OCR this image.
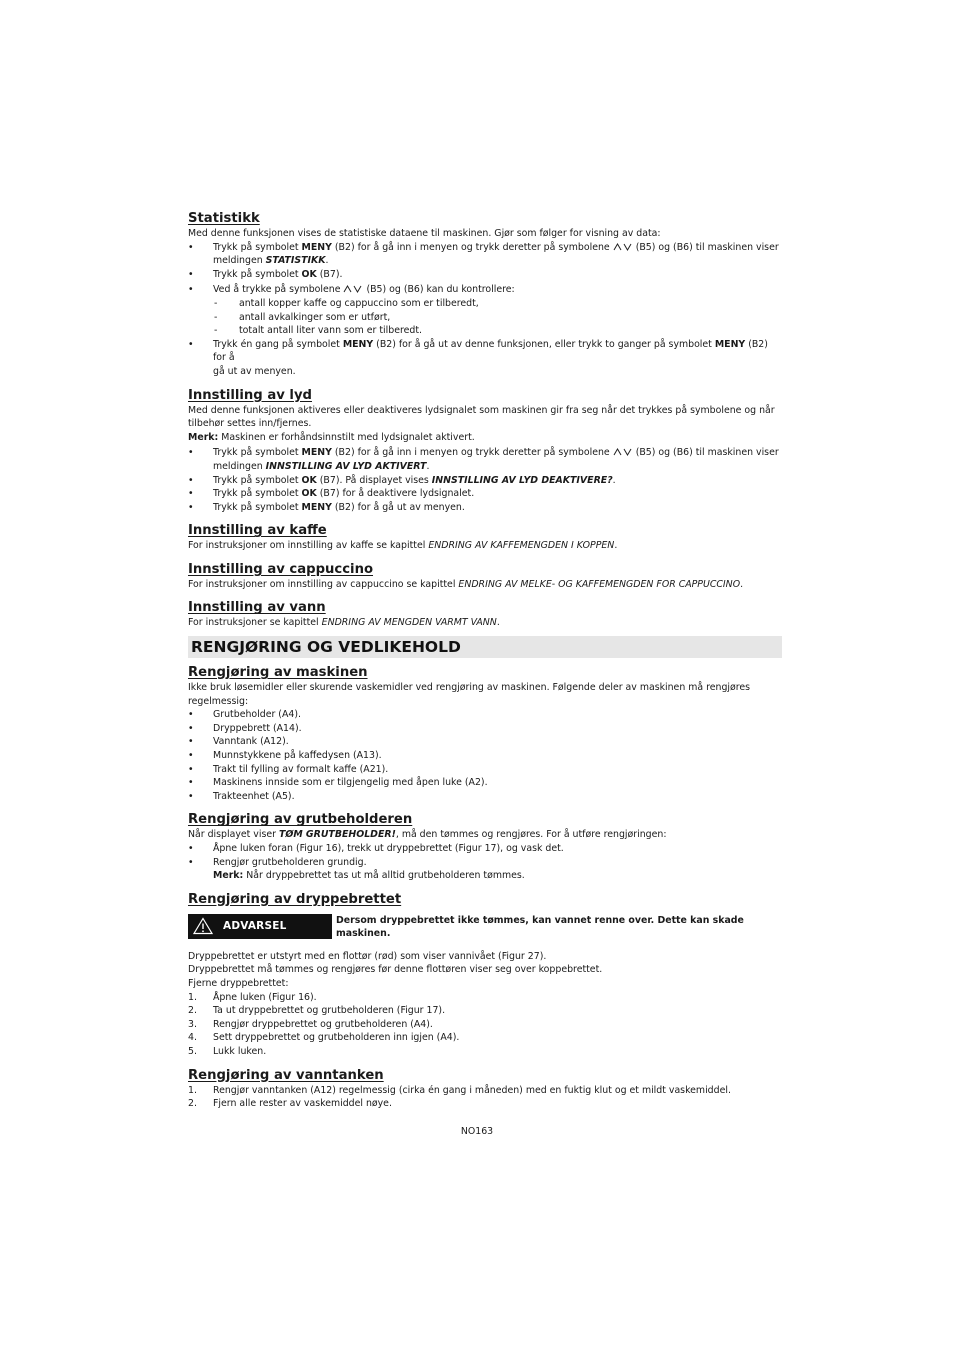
Statistikk

Med denne funksjonen vises de statistiske dataene til maskinen. Gjør som følger for visning av data:

•	Trykk på symbolet MENY (B2) for å gå inn i menyen og trykk deretter på symbolene	(B5) og (B6) til maskinen viser
meldingen STATISTIKK.
•	Trykk på symbolet OK (B7).
•	Ved å trykke på symbolene	(B5) og (B6) kan du kontrollere:
-	antall kopper kaffe og cappuccino som er tilberedt,
-	antall avkalkinger som er utført,
-	totalt antall liter vann som er tilberedt.
•	Trykk én gang på symbolet MENY (B2) for å gå ut av denne funksjonen, eller trykk to ganger på symbolet MENY (B2) for å
gå ut av menyen.
Innstilling av lyd

Med denne funksjonen aktiveres eller deaktiveres lydsignalet som maskinen gir fra seg når det trykkes på symbolene og når
tilbehør settes inn/fjernes.

Merk: Maskinen er forhåndsinnstilt med lydsignalet aktivert.

•	Trykk på symbolet MENY (B2) for å gå inn i menyen og trykk deretter på symbolene	(B5) og (B6) til maskinen viser
meldingen INNSTILLING AV LYD AKTIVERT.
•	Trykk på symbolet OK (B7). På displayet vises INNSTILLING AV LYD DEAKTIVERE?.
•	Trykk på symbolet OK (B7) for å deaktivere lydsignalet.
•	Trykk på symbolet MENY (B2) for å gå ut av menyen.
Innstilling av kaffe

For instruksjoner om innstilling av kaffe se kapittel ENDRING AV KAFFEMENGDEN I KOPPEN.

Innstilling av cappuccino

For instruksjoner om innstilling av cappuccino se kapittel ENDRING AV MELKE- OG KAFFEMENGDEN FOR CAPPUCCINO.

Innstilling av vann

For instruksjoner se kapittel ENDRING AV MENGDEN VARMT VANN.

RENGJØRING OG VEDLIKEHOLD
Rengjøring av maskinen

Ikke bruk løsemidler eller skurende vaskemidler ved rengjøring av maskinen. Følgende deler av maskinen må rengjøres
regelmessig:

•	Grutbeholder (A4).
•	Dryppebrett (A14).
•	Vanntank (A12).
•	Munnstykkene på kaffedysen (A13).
•	Trakt til fylling av formalt kaffe (A21).
•	Maskinens innside som er tilgjengelig med åpen luke (A2).
•	Trakteenhet (A5).
Rengjøring av grutbeholderen

Når displayet viser TØM GRUTBEHOLDER!, må den tømmes og rengjøres. For å utføre rengjøringen:

•	Åpne luken foran (Figur 16), trekk ut dryppebrettet (Figur 17), og vask det.
•	Rengjør grutbeholderen grundig.
Merk: Når dryppebrettet tas ut må alltid grutbeholderen tømmes.
Rengjøring av dryppebrettet
ADVARSEL	Dersom dryppebrettet ikke tømmes, kan vannet renne over. Dette kan skade maskinen.

Dryppebrettet er utstyrt med en flottør (rød) som viser vannivået (Figur 27).

Dryppebrettet må tømmes og rengjøres før denne flottøren viser seg over koppebrettet.

Fjerne dryppebrettet:

1. Åpne luken (Figur 16).
2. Ta ut dryppebrettet og grutbeholderen (Figur 17).
3. Rengjør dryppebrettet og grutbeholderen (A4).
4. Sett dryppebrettet og grutbeholderen inn igjen (A4).
5. Lukk luken.
Rengjøring av vanntanken
1. Rengjør vanntanken (A12) regelmessig (cirka én gang i måneden) med en fuktig klut og et mildt vaskemiddel.
2. Fjern alle rester av vaskemiddel nøye.
NO163
